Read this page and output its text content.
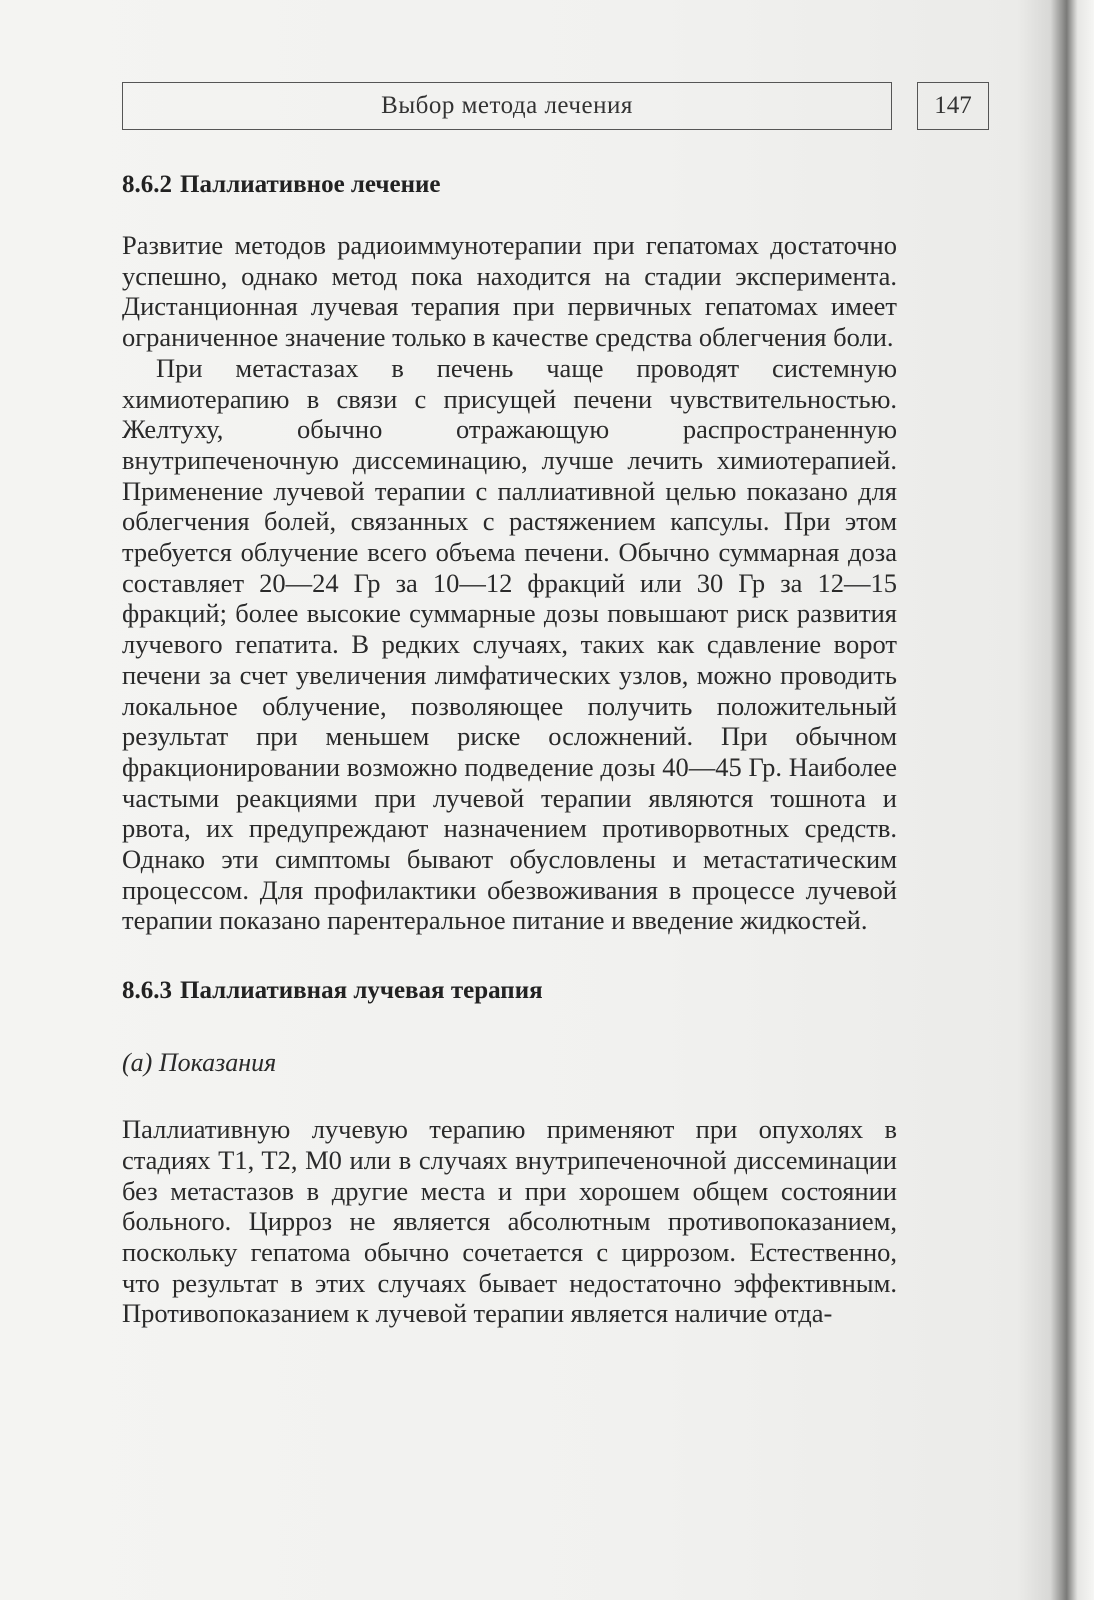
Выбор метода лечения	147
8.6.2 Паллиативное лечение

Развитие методов радиоиммунотерапии при гепатомах достаточно успешно, однако метод пока находится на стадии эксперимента. Дистанционная лучевая терапия при первичных гепатомах имеет ограниченное значение только в качестве средства облегчения боли.

При метастазах в печень чаще проводят системную химиотерапию в связи с присущей печени чувствительностью. Желтуху, обычно отражающую распространенную внутрипеченочную диссеминацию, лучше лечить химиотерапией. Применение лучевой терапии с паллиативной целью показано для облегчения болей, связанных с растяжением капсулы. При этом требуется облучение всего объема печени. Обычно суммарная доза составляет 20—24 Гр за 10—12 фракций или 30 Гр за 12—15 фракций; более высокие суммарные дозы повышают риск развития лучевого гепатита. В редких случаях, таких как сдавление ворот печени за счет увеличения лимфатических узлов, можно проводить локальное облучение, позволяющее получить положительный результат при меньшем риске осложнений. При обычном фракционировании возможно подведение дозы 40—45 Гр. Наиболее частыми реакциями при лучевой терапии являются тошнота и рвота, их предупреждают назначением противорвотных средств. Однако эти симптомы бывают обусловлены и метастатическим процессом. Для профилактики обезвоживания в процессе лучевой терапии показано парентеральное питание и введение жидкостей.

8.6.3 Паллиативная лучевая терапия
(а) Показания

Паллиативную лучевую терапию применяют при опухолях в стадиях T1, T2, M0 или в случаях внутрипеченочной диссеминации без метастазов в другие места и при хорошем общем состоянии больного. Цирроз не является абсолютным противопоказанием, поскольку гепатома обычно сочетается с циррозом. Естественно, что результат в этих случаях бывает недостаточно эффективным. Противопоказанием к лучевой терапии является наличие отда-
